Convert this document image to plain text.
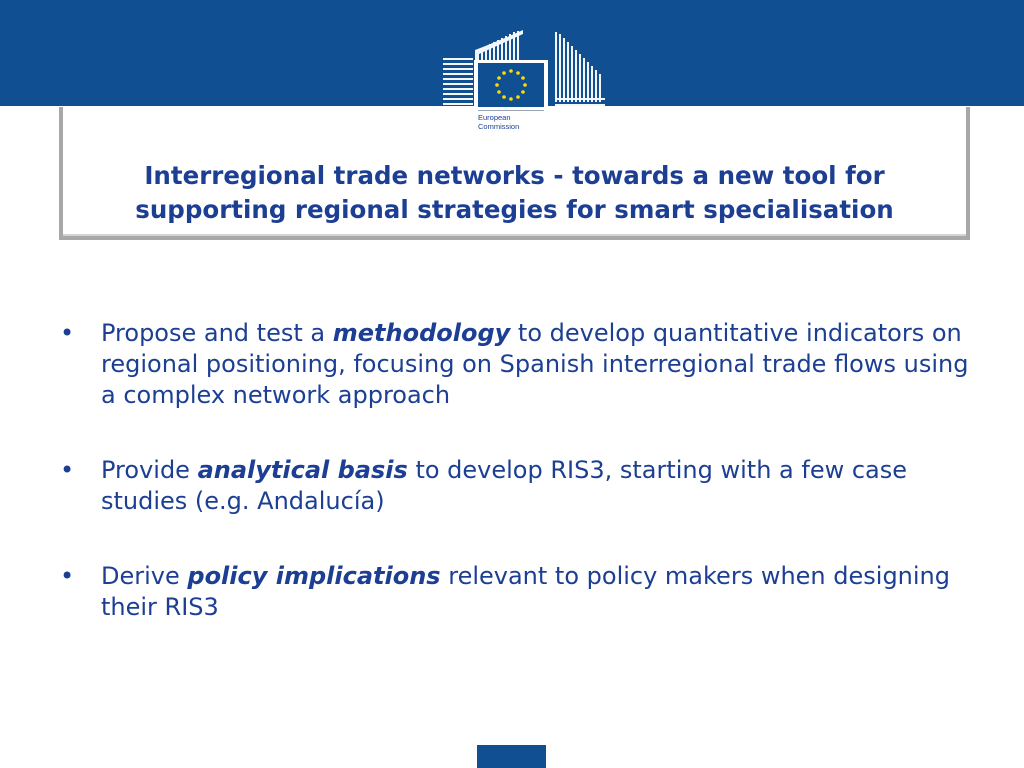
Interregional trade networks - towards a new tool for
supporting regional strategies for smart specialisation
European
Commission
• Propose and test a methodology to develop quantitative indicators on regional positioning, focusing on Spanish interregional trade flows using a complex network approach
• Provide analytical basis to develop RIS3, starting with a few case studies (e.g. Andalucía)
• Derive policy implications relevant to policy makers when designing their RIS3
